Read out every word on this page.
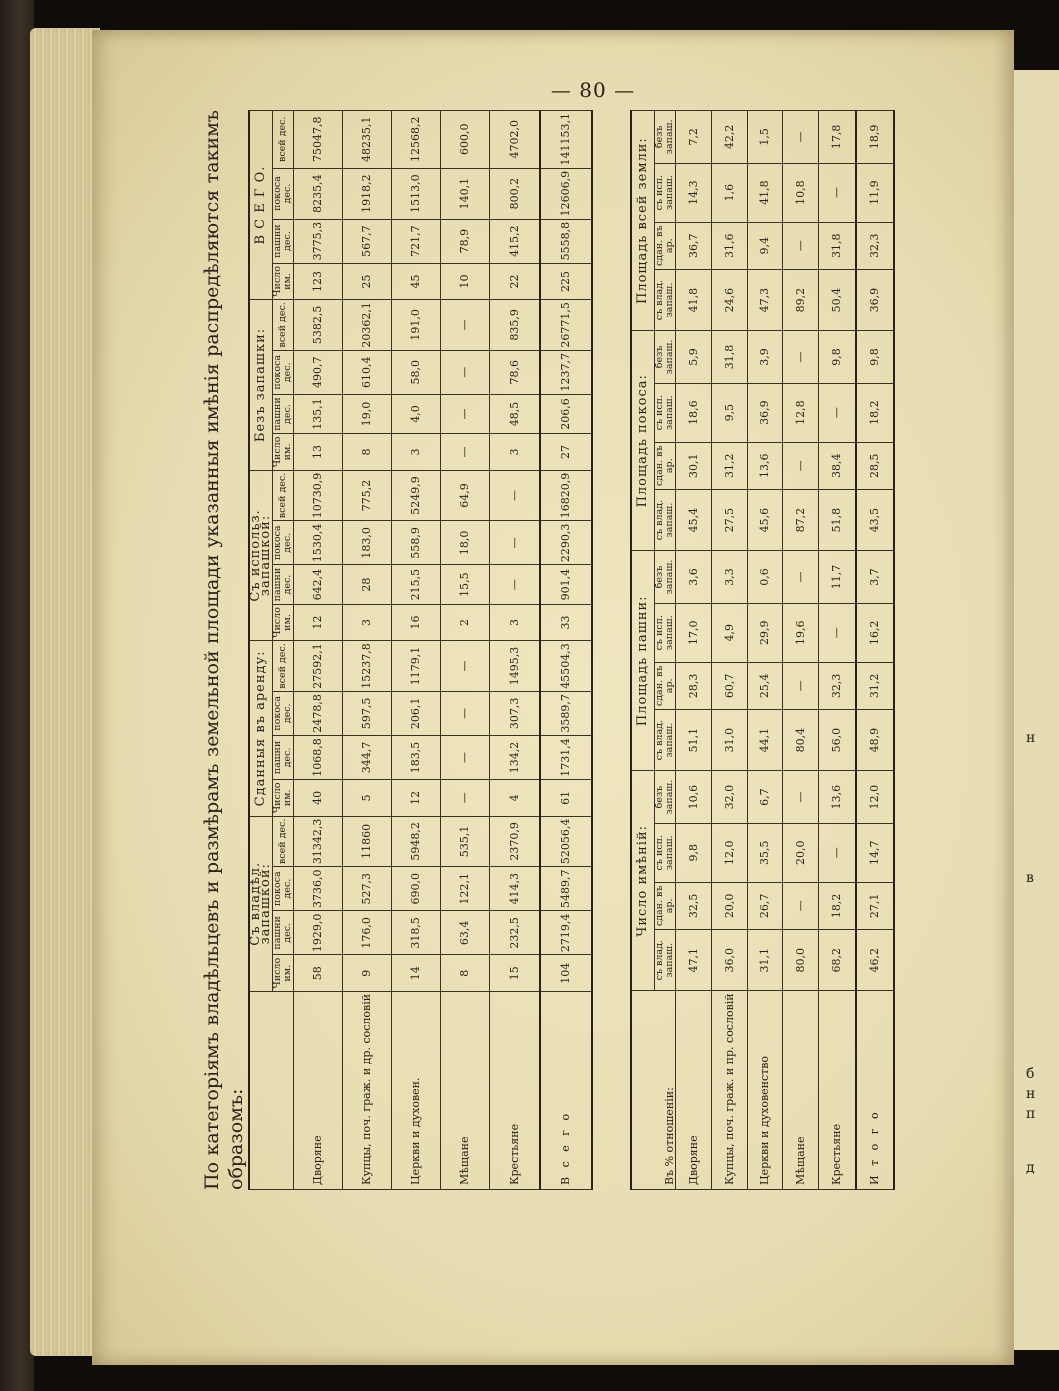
н
в
б
н
п
д
— 80 —
По категоріямъ владѣльцевъ и размѣрамъ земельной площади указанныя имѣнія распредѣляются такимъ образомъ:
	Съ владѣл. запашкой:				Сданныя въ аренду:				Съ использ. запашкой:				Безъ запашки:				В С Е Г О.			
	Число им.	пашни дес.	покоса дес.	всей дес.	Число им.	пашни дес.	покоса дес.	всей дес.	Число им.	пашни дес.	покоса дес.	всей дес.	Число им.	пашни дес.	покоса дес.	всей дес.	Число им.	пашни дес.	покоса дес.	всей дес.
Дворяне	58	1929,0	3736,0	31342,3	40	1068,8	2478,8	27592,1	12	642,4	1530,4	10730,9	13	135,1	490,7	5382,5	123	3775,3	8235,4	75047,8
Купцы, поч. граж. и др. сословій	9	176,0	527,3	11860	5	344,7	597,5	15237,8	3	28	183,0	775,2	8	19,0	610,4	20362,1	25	567,7	1918,2	48235,1
Церкви и духовен.	14	318,5	690,0	5948,2	12	183,5	206,1	1179,1	16	215,5	558,9	5249,9	3	4,0	58,0	191,0	45	721,7	1513,0	12568,2
Мѣщане	8	63,4	122,1	535,1	—	—	—	—	2	15,5	18,0	64,9	—	—	—	—	10	78,9	140,1	600,0
Крестьяне	15	232,5	414,3	2370,9	4	134,2	307,3	1495,3	3	—	—	—	3	48,5	78,6	835,9	22	415,2	800,2	4702,0
В с е г о	104	2719,4	5489,7	52056,4	61	1731,4	3589,7	45504,3	33	901,4	2290,3	16820,9	27	206,6	1237,7	26771,5	225	5558,8	12606,9	141153,1
Въ % отношеніи:	Число имѣній:				Площадь пашни:				Площадь покоса:				Площадь всей земли:			
	съ влад. запаш.	сдан. въ ар.	съ исп. запаш.	безъ запаш.	съ влад. запаш.	сдан. въ ар.	съ исп. запаш.	безъ запаш.	съ влад. запаш.	сдан. въ ар.	съ исп. запаш.	безъ запаш.	съ влад. запаш.	сдан. въ ар.	съ исп. запаш.	безъ запаш.
Дворяне	47,1	32,5	9,8	10,6	51,1	28,3	17,0	3,6	45,4	30,1	18,6	5,9	41,8	36,7	14,3	7,2
Купцы, поч. граж. и пр. сословій	36,0	20,0	12,0	32,0	31,0	60,7	4,9	3,3	27,5	31,2	9,5	31,8	24,6	31,6	1,6	42,2
Церкви и духовенство	31,1	26,7	35,5	6,7	44,1	25,4	29,9	0,6	45,6	13,6	36,9	3,9	47,3	9,4	41,8	1,5
Мѣщане	80,0	—	20,0	—	80,4	—	19,6	—	87,2	—	12,8	—	89,2	—	10,8	—
Крестьяне	68,2	18,2	—	13,6	56,0	32,3	—	11,7	51,8	38,4	—	9,8	50,4	31,8	—	17,8
И т о г о	46,2	27,1	14,7	12,0	48,9	31,2	16,2	3,7	43,5	28,5	18,2	9,8	36,9	32,3	11,9	18,9
